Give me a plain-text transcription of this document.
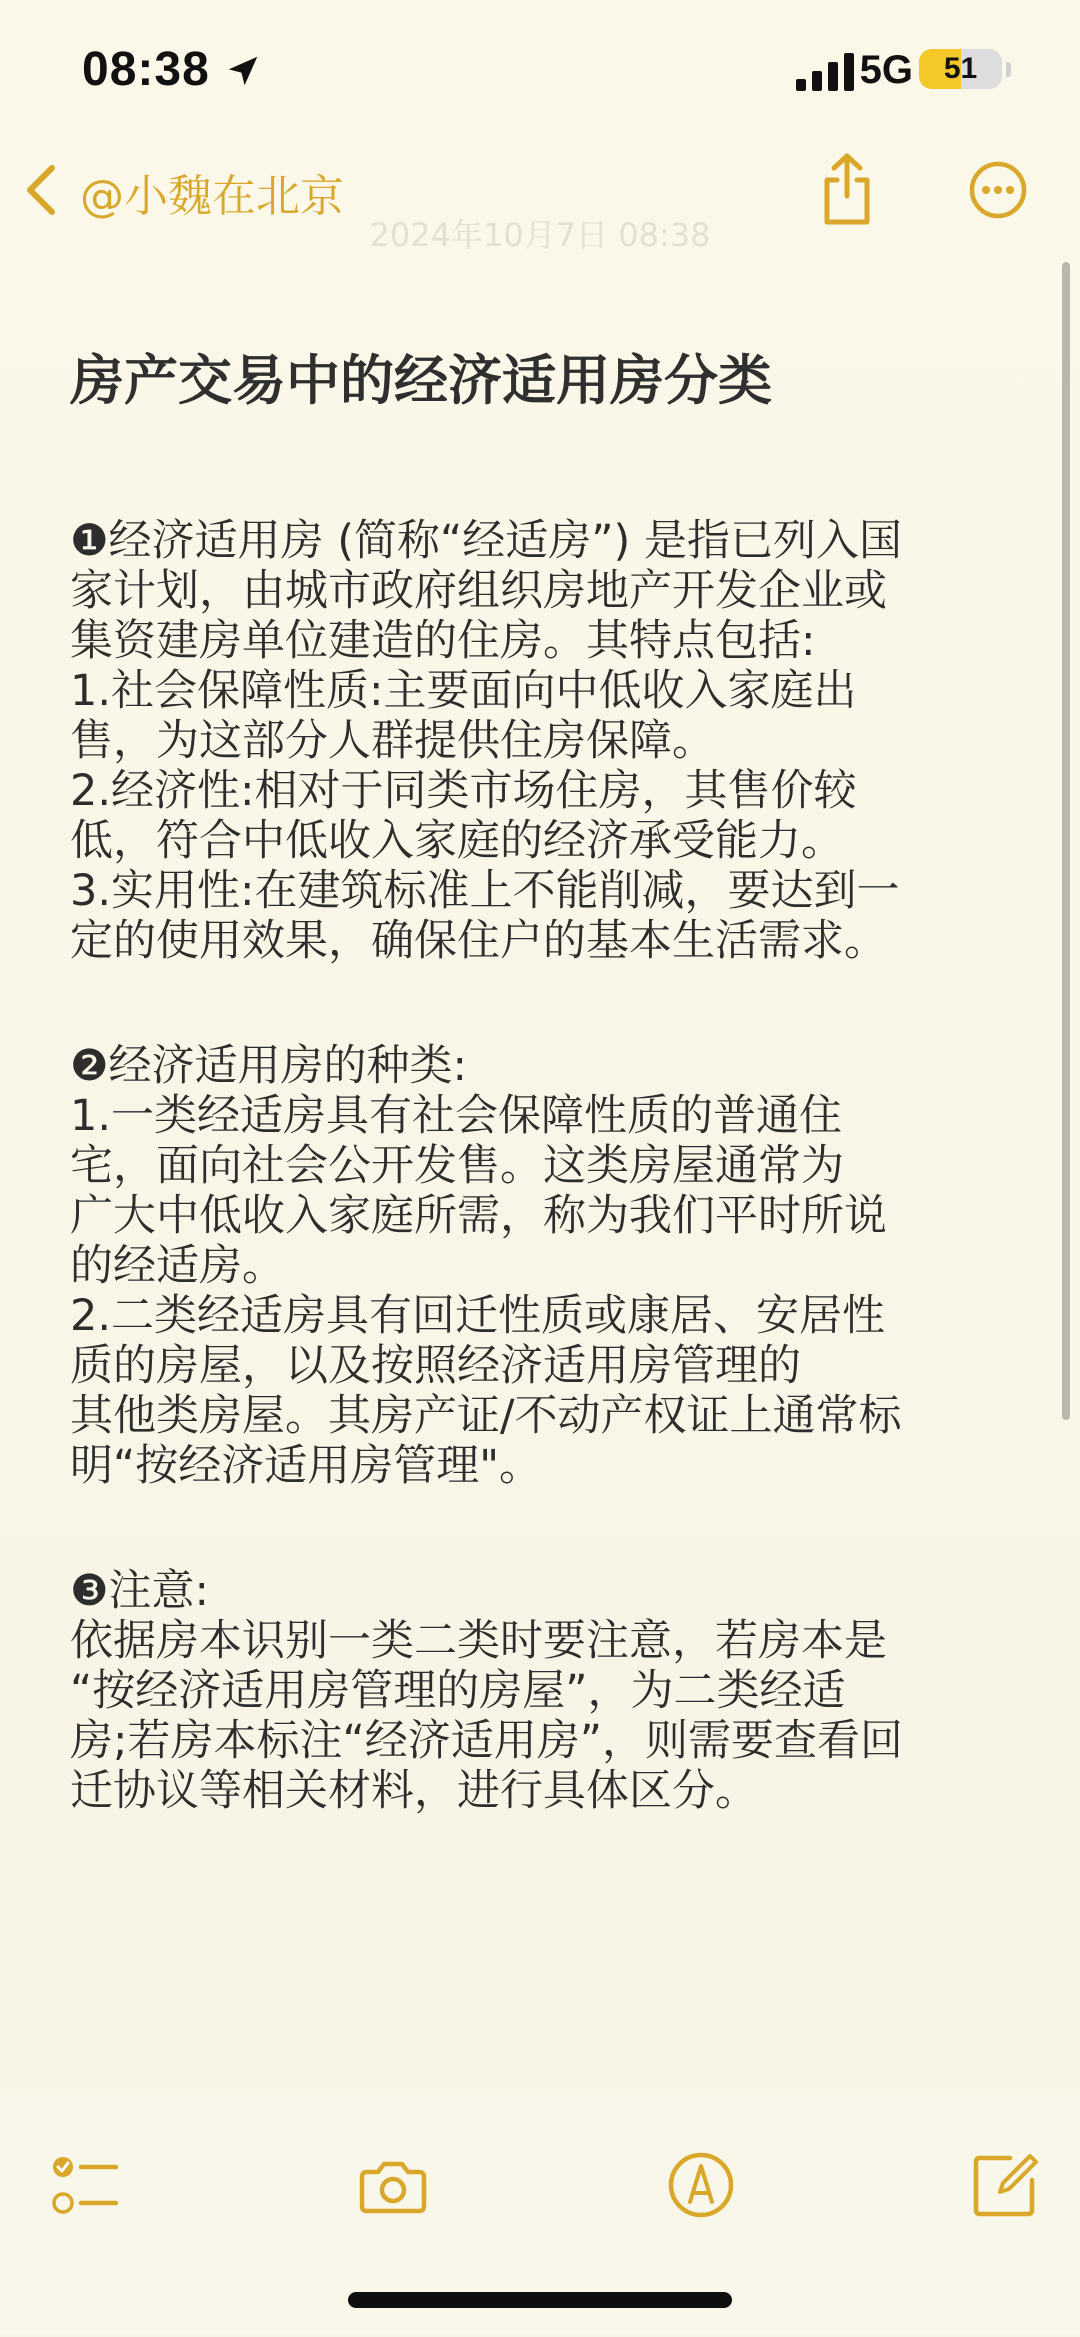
08:38	5G	51
@小魏在北京
2024年10月7日 08:38
房产交易中的经济适用房分类
❶经济适用房 (简称“经适房”) 是指已列入国
家计划，由城市政府组织房地产开发企业或
集资建房单位建造的住房。其特点包括:
1.社会保障性质:主要面向中低收入家庭出
售，为这部分人群提供住房保障。
2.经济性:相对于同类市场住房，其售价较
低，符合中低收入家庭的经济承受能力。
3.实用性:在建筑标准上不能削减，要达到一
定的使用效果，确保住户的基本生活需求。
❷经济适用房的种类:
1.一类经适房具有社会保障性质的普通住
宅，面向社会公开发售。这类房屋通常为
广大中低收入家庭所需，称为我们平时所说
的经适房。
2.二类经适房具有回迁性质或康居、安居性
质的房屋，以及按照经济适用房管理的
其他类房屋。其房产证/不动产权证上通常标
明“按经济适用房管理"。
❸注意:
依据房本识别一类二类时要注意，若房本是
“按经济适用房管理的房屋”，为二类经适
房;若房本标注“经济适用房”，则需要查看回
迁协议等相关材料，进行具体区分。
